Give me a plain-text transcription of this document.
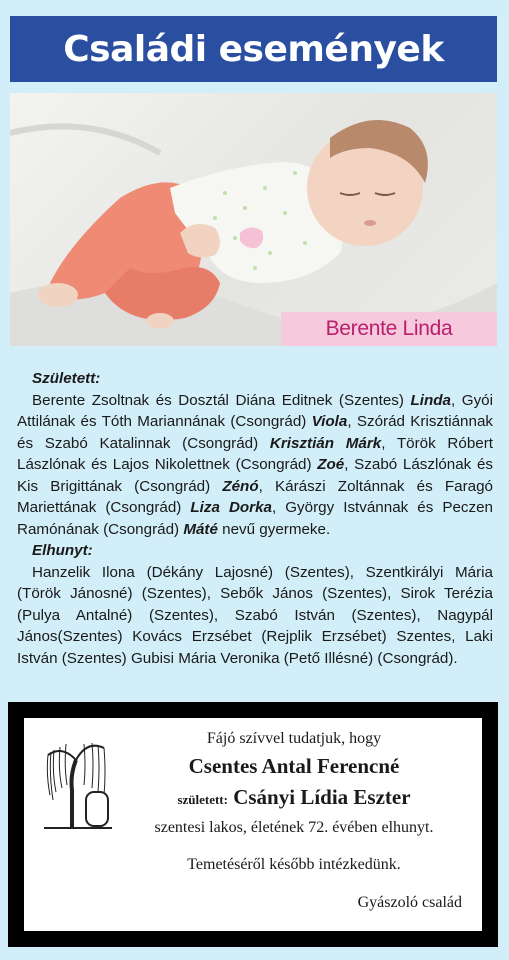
Családi események
Berente Linda
Született:
Berente Zsoltnak és Dosztál Diána Editnek (Szentes) Linda, Gyói Attilának és Tóth Mariannának (Csongrád) Viola, Szórád Krisztiánnak és Szabó Katalinnak (Csongrád) Krisztián Márk, Török Róbert Lászlónak és Lajos Nikolettnek (Csongrád) Zoé, Szabó Lászlónak és Kis Brigittának (Csongrád) Zénó, Kárászi Zoltánnak és Faragó Mariettának (Csongrád) Liza Dorka, György Istvánnak és Peczen Ramónának (Csongrád) Máté nevű gyermeke.
Elhunyt:
Hanzelik Ilona (Dékány Lajosné) (Szentes), Szentkirályi Mária (Török Jánosné) (Szentes), Sebők János (Szentes), Sirok Terézia (Pulya Antalné) (Szentes), Szabó István (Szentes), Nagypál János(Szentes) Kovács Erzsébet (Rejplik Erzsébet) Szentes, Laki István (Szentes) Gubisi Mária Veronika (Pető Illésné) (Csongrád).
Fájó szívvel tudatjuk, hogy
Csentes Antal Ferencné
született: Csányi Lídia Eszter
szentesi lakos, életének 72. évében elhunyt.
Temetéséről később intézkedünk.
Gyászoló család
